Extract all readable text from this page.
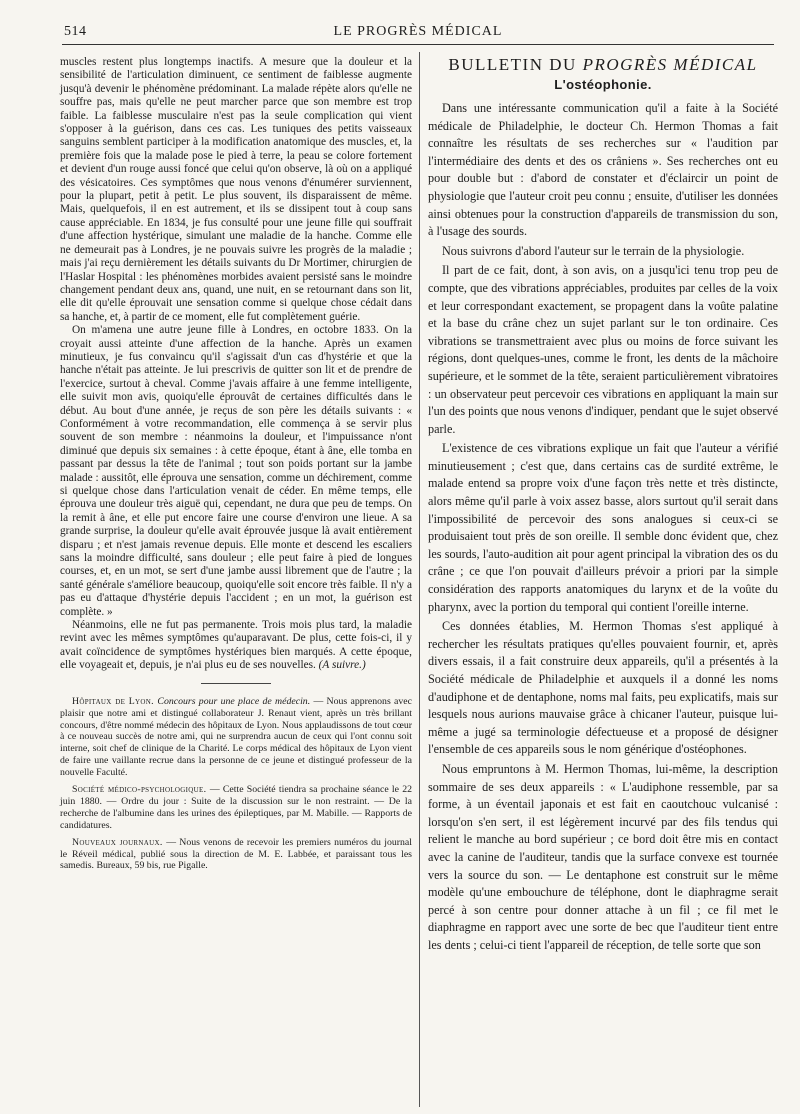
514	LE PROGRÈS MÉDICAL

muscles restent plus longtemps inactifs. A mesure que la douleur et la sensibilité de l'articulation diminuent, ce sentiment de faiblesse augmente jusqu'à devenir le phénomène prédominant. La malade répète alors qu'elle ne souffre pas, mais qu'elle ne peut marcher parce que son membre est trop faible. La faiblesse musculaire n'est pas la seule complication qui vient s'opposer à la guérison, dans ces cas. Les tuniques des petits vaisseaux sanguins semblent participer à la modification anatomique des muscles, et, la première fois que la malade pose le pied à terre, la peau se colore fortement et devient d'un rouge aussi foncé que celui qu'on observe, là où on a appliqué des vésicatoires. Ces symptômes que nous venons d'énumérer surviennent, pour la plupart, petit à petit. Le plus souvent, ils disparaissent de même. Mais, quelquefois, il en est autrement, et ils se dissipent tout à coup sans cause appréciable. En 1834, je fus consulté pour une jeune fille qui souffrait d'une affection hystérique, simulant une maladie de la hanche. Comme elle ne demeurait pas à Londres, je ne pouvais suivre les progrès de la maladie ; mais j'ai reçu dernièrement les détails suivants du Dr Mortimer, chirurgien de l'Haslar Hospital : les phénomènes morbides avaient persisté sans le moindre changement pendant deux ans, quand, une nuit, en se retournant dans son lit, elle dit qu'elle éprouvait une sensation comme si quelque chose cédait dans sa hanche, et, à partir de ce moment, elle fut complètement guérie.

On m'amena une autre jeune fille à Londres, en octobre 1833. On la croyait aussi atteinte d'une affection de la hanche. Après un examen minutieux, je fus convaincu qu'il s'agissait d'un cas d'hystérie et que la hanche n'était pas atteinte. Je lui prescrivis de quitter son lit et de prendre de l'exercice, surtout à cheval. Comme j'avais affaire à une femme intelligente, elle suivit mon avis, quoiqu'elle éprouvât de certaines difficultés dans le début. Au bout d'une année, je reçus de son père les détails suivants : « Conformément à votre recommandation, elle commença à se servir plus souvent de son membre : néanmoins la douleur, et l'impuissance n'ont diminué que depuis six semaines : à cette époque, étant à âne, elle tomba en passant par dessus la tête de l'animal ; tout son poids portant sur la jambe malade : aussitôt, elle éprouva une sensation, comme un déchirement, comme si quelque chose dans l'articulation venait de céder. En même temps, elle éprouva une douleur très aiguë qui, cependant, ne dura que peu de temps. On la remit à âne, et elle put encore faire une course d'environ une lieue. A sa grande surprise, la douleur qu'elle avait éprouvée jusque là avait entièrement disparu ; et n'est jamais revenue depuis. Elle monte et descend les escaliers sans la moindre difficulté, sans douleur ; elle peut faire à pied de longues courses, et, en un mot, se sert d'une jambe aussi librement que de l'autre ; la santé générale s'améliore beaucoup, quoiqu'elle soit encore très faible. Il n'y a pas eu d'attaque d'hystérie depuis l'accident ; en un mot, la guérison est complète. »

Néanmoins, elle ne fut pas permanente. Trois mois plus tard, la maladie revint avec les mêmes symptômes qu'auparavant. De plus, cette fois-ci, il y avait coïncidence de symptômes hystériques bien marqués. A cette époque, elle voyageait et, depuis, je n'ai plus eu de ses nouvelles. (A suivre.)

Hôpitaux de Lyon. Concours pour une place de médecin. — Nous apprenons avec plaisir que notre ami et distingué collaborateur J. Renaut vient, après un très brillant concours, d'être nommé médecin des hôpitaux de Lyon. Nous applaudissons de tout cœur à ce nouveau succès de notre ami, qui ne surprendra aucun de ceux qui l'ont connu soit interne, soit chef de clinique de la Charité. Le corps médical des hôpitaux de Lyon vient de faire une vaillante recrue dans la personne de ce jeune et distingué professeur de la nouvelle Faculté.

Société médico-psychologique. — Cette Société tiendra sa prochaine séance le 22 juin 1880. — Ordre du jour : Suite de la discussion sur le non restraint. — De la recherche de l'albumine dans les urines des épileptiques, par M. Mabille. — Rapports de candidatures.

Nouveaux journaux. — Nous venons de recevoir les premiers numéros du journal le Réveil médical, publié sous la direction de M. E. Labbée, et paraissant tous les samedis. Bureaux, 59 bis, rue Pigalle.

BULLETIN DU PROGRÈS MÉDICAL
L'ostéophonie.

Dans une intéressante communication qu'il a faite à la Société médicale de Philadelphie, le docteur Ch. Hermon Thomas a fait connaître les résultats de ses recherches sur « l'audition par l'intermédiaire des dents et des os crâniens ». Ses recherches ont eu pour double but : d'abord de constater et d'éclaircir un point de physiologie que l'auteur croit peu connu ; ensuite, d'utiliser les données ainsi obtenues pour la construction d'appareils de transmission du son, à l'usage des sourds.

Nous suivrons d'abord l'auteur sur le terrain de la physiologie.

Il part de ce fait, dont, à son avis, on a jusqu'ici tenu trop peu de compte, que des vibrations appréciables, produites par celles de la voix et leur correspondant exactement, se propagent dans la voûte palatine et la base du crâne chez un sujet parlant sur le ton ordinaire. Ces vibrations se transmettraient avec plus ou moins de force suivant les régions, dont quelques-unes, comme le front, les dents de la mâchoire supérieure, et le sommet de la tête, seraient particulièrement vibratoires : un observateur peut percevoir ces vibrations en appliquant la main sur l'un des points que nous venons d'indiquer, pendant que le sujet observé parle.

L'existence de ces vibrations explique un fait que l'auteur a vérifié minutieusement ; c'est que, dans certains cas de surdité extrême, le malade entend sa propre voix d'une façon très nette et très distincte, alors même qu'il parle à voix assez basse, alors surtout qu'il serait dans l'impossibilité de percevoir des sons analogues si ceux-ci se produisaient tout près de son oreille. Il semble donc évident que, chez les sourds, l'auto-audition ait pour agent principal la vibration des os du crâne ; ce que l'on pouvait d'ailleurs prévoir a priori par la simple considération des rapports anatomiques du larynx et de la voûte du pharynx, avec la portion du temporal qui contient l'oreille interne.

Ces données établies, M. Hermon Thomas s'est appliqué à rechercher les résultats pratiques qu'elles pouvaient fournir, et, après divers essais, il a fait construire deux appareils, qu'il a présentés à la Société médicale de Philadelphie et auxquels il a donné les noms d'audiphone et de dentaphone, noms mal faits, peu explicatifs, mais sur lesquels nous aurions mauvaise grâce à chicaner l'auteur, puisque lui-même a jugé sa terminologie défectueuse et a proposé de désigner l'ensemble de ces appareils sous le nom générique d'ostéophones.

Nous empruntons à M. Hermon Thomas, lui-même, la description sommaire de ses deux appareils : « L'audiphone ressemble, par sa forme, à un éventail japonais et est fait en caoutchouc vulcanisé : lorsqu'on s'en sert, il est légèrement incurvé par des fils tendus qui relient le manche au bord supérieur ; ce bord doit être mis en contact avec la canine de l'auditeur, tandis que la surface convexe est tournée vers la source du son. — Le dentaphone est construit sur le même modèle qu'une embouchure de téléphone, dont le diaphragme serait percé à son centre pour donner attache à un fil ; ce fil met le diaphragme en rapport avec une sorte de bec que l'auditeur tient entre les dents ; celui-ci tient l'appareil de réception, de telle sorte que son
